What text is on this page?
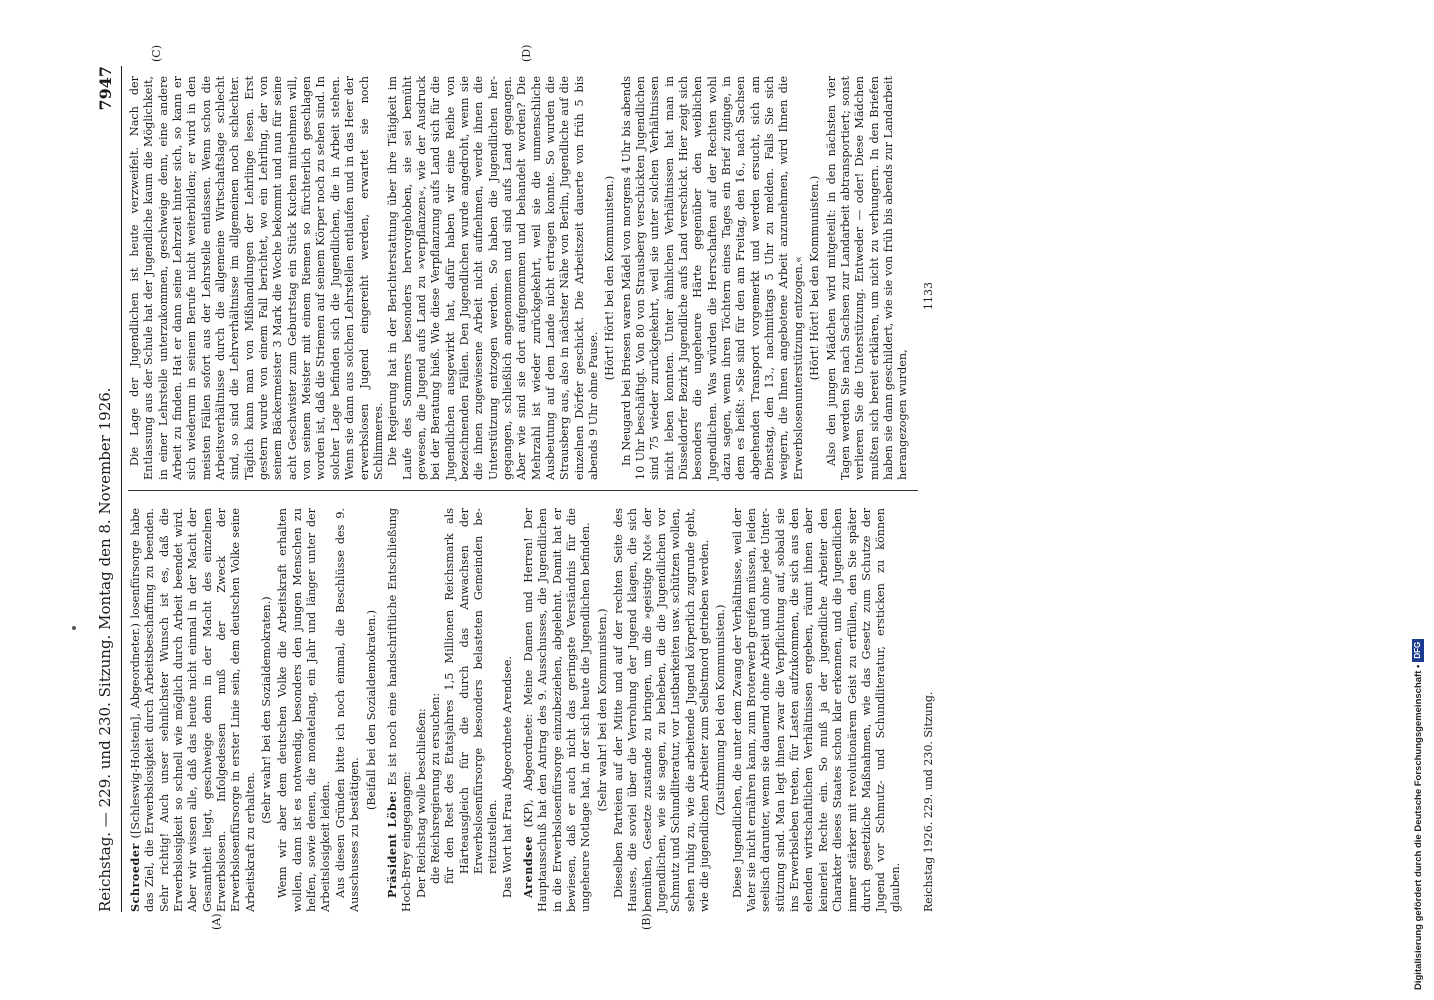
Reichstag. — 229. und 230. Sitzung. Montag den 8. November 1926.
7947
(A)	(B)
(C)	(D)

Schroeder ([Schleswig-Holstein], Abgeordneter.) losenfürsorge habe das Ziel, die Erwerbslosigkeit durch Arbeitsbeschaffung zu beenden. Sehr richtig! Auch unser sehnlichster Wunsch ist es, daß die Erwerbslosigkeit so schnell wie möglich durch Arbeit beendet wird. Aber wir wissen alle, daß das heute nicht einmal in der Macht der Gesamtheit liegt, geschweige denn in der Macht des einzelnen Erwerbslosen. Infolgedessen muß der Zweck der Erwerbslosenfürsorge in erster Linie sein, dem deutschen Volke seine Arbeitskraft zu erhalten.

(Sehr wahr! bei den Sozialdemokraten.) Wenn wir aber dem deutschen Volke die Arbeitskraft erhalten wollen, dann ist es notwendig, besonders den jungen Menschen zu helfen, sowie denen, die monatelang, ein Jahr und länger unter der Arbeitslosigkeit leiden. Aus diesen Gründen bitte ich noch einmal, die Beschlüsse des 9. Ausschusses zu bestätigen.

(Beifall bei den Sozialdemokraten.)

Präsident Löbe: Es ist noch eine handschriftliche Entschließung Hoch-Brey eingegangen: Der Reichstag wolle beschließen: die Reichsregierung zu ersuchen: für den Rest des Etatsjahres 1,5 Millionen Reichsmark als Härteausgleich für die durch das Anwachsen der Erwerbslosenfürsorge besonders belasteten Gemeinden bereitzustellen. Das Wort hat Frau Abgeordnete Arendsee. Arendsee (KP), Abgeordnete: Meine Damen und Herren! Der Hauptausschuß hat den Antrag des 9. Ausschusses, die Jugendlichen in die Erwerbslosenfürsorge einzubeziehen, abgelehnt. Damit hat er bewiesen, daß er auch nicht das geringste Verständnis für die ungeheure Notlage hat, in der sich heute die Jugendlichen befinden. (Sehr wahr! bei den Kommunisten.) Dieselben Parteien auf der Mitte und auf der rechten Seite des Hauses, die soviel über die Verrohung der Jugend klagen, die sich bemühen, Gesetze zustande zu bringen, um die »geistige Not« der Jugendlichen, wie sie sagen, zu beheben, die die Jugendlichen vor Schmutz und Schundliteratur, vor Lustbarkeiten usw. schützen wollen, sehen ruhig zu, wie die arbeitende Jugend körperlich zugrunde geht, wie die jugendlichen Arbeiter zum Selbstmord getrieben werden. (Zustimmung bei den Kommunisten.) Diese Jugendlichen, die unter dem Zwang der Verhältnisse, weil der Vater sie nicht ernähren kann, zum Broterwerb greifen müssen, leiden seelisch darunter, wenn sie dauernd ohne Arbeit und ohne jede Unterstützung sind. Man legt ihnen zwar die Verpflichtung auf, sobald sie ins Erwerbsleben treten, für Lasten aufzukommen, die sich aus den elenden wirtschaftlichen Verhältnissen ergeben, räumt ihnen aber keinerlei Rechte ein. So muß ja der jugendliche Arbeiter den Charakter dieses Staates schon klar erkennen, und die Jugendlichen immer stärker mit revolutionärem Geist zu erfüllen, den Sie später durch gesetzliche Maßnahmen, wie das Gesetz zum Schutze der Jugend vor Schmutz- und Schundliteratur, ersticken zu können glauben.

Die Lage der Jugendlichen ist heute verzweifelt. Nach der Entlassung aus der Schule hat der Jugendliche kaum die Möglichkeit, in einer Lehrstelle unterzukommen, geschweige denn, eine andere Arbeit zu finden. Hat er dann seine Lehrzeit hinter sich, so kann er sich wiederum in seinem Berufe nicht weiterbilden; er wird in den meisten Fällen sofort aus der Lehrstelle entlassen. Wenn schon die Arbeitsverhältnisse durch die allgemeine Wirtschaftslage schlecht sind, so sind die Lehrverhältnisse im allgemeinen noch schlechter. Täglich kann man von Mißhandlungen der Lehrlinge lesen. Erst gestern wurde von einem Fall berichtet, wo ein Lehrling, der von seinem Bäckermeister 3 Mark die Woche bekommt und nun für seine acht Geschwister zum Geburtstag ein Stück Kuchen mitnehmen will, von seinem Meister mit einem Riemen so fürchterlich geschlagen worden ist, daß die Striemen auf seinem Körper noch zu sehen sind. In solcher Lage befinden sich die Jugendlichen, die in Arbeit stehen. Wenn sie dann aus solchen Lehrstellen entlaufen und in das Heer der erwerbslosen Jugend eingereiht werden, erwartet sie noch Schlimmeres. Die Regierung hat in der Berichterstattung über ihre Tätigkeit im Laufe des Sommers besonders hervorgehoben, sie sei bemüht gewesen, die Jugend aufs Land zu »verpflanzen«, wie der Ausdruck bei der Beratung hieß. Wie diese Verpflanzung aufs Land sich für die Jugendlichen ausgewirkt hat, dafür haben wir eine Reihe von bezeichnenden Fällen. Den Jugendlichen wurde angedroht, wenn sie die ihnen zugewiesene Arbeit nicht aufnehmen, werde ihnen die Unterstützung entzogen werden. So haben die Jugendlichen hergegangen, schließlich angenommen und sind aufs Land gegangen. Aber wie sind sie dort aufgenommen und behandelt worden? Die Mehrzahl ist wieder zurückgekehrt, weil sie die unmenschliche Ausbeutung auf dem Lande nicht ertragen konnte. So wurden die Strausberg aus, also in nächster Nähe von Berlin, Jugendliche auf die einzelnen Dörfer geschickt. Die Arbeitszeit dauerte von früh 5 bis abends 9 Uhr ohne Pause.

(Hört! Hört! bei den Kommunisten.) In Neugard bei Briesen waren Mädel von morgens 4 Uhr bis abends 10 Uhr beschäftigt. Von 80 von Strausberg verschickten Jugendlichen sind 75 wieder zurückgekehrt, weil sie unter solchen Verhältnissen nicht leben konnten. Unter ähnlichen Verhältnissen hat man in Düsseldorfer Bezirk Jugendliche aufs Land verschickt. Hier zeigt sich besonders die ungeheure Härte gegenüber den weiblichen Jugendlichen. Was würden die Herrschaften auf der Rechten wohl dazu sagen, wenn ihren Töchtern eines Tages ein Brief zuginge, in dem es heißt: »Sie sind für den am Freitag, den 16., nach Sachsen abgehenden Transport vorgemerkt und werden ersucht, sich am Dienstag, den 13., nachmittags 5 Uhr zu melden. Falls Sie sich weigern, die Ihnen angebotene Arbeit anzunehmen, wird Ihnen die Erwerbslosenunterstützung entzogen.« (Hört! Hört! bei den Kommunisten.) Also den jungen Mädchen wird mitgeteilt: in den nächsten vier Tagen werden Sie nach Sachsen zur Landarbeit abtransportiert; sonst verlieren Sie die Unterstützung. Entweder — oder! Diese Mädchen mußten sich bereit erklären, um nicht zu verhungern. In den Briefen haben sie dann geschildert, wie sie von früh bis abends zur Landarbeit herangezogen wurden,

Reichstag 1926. 229. und 230. Sitzung.
1133
Digitalisierung gefördert durch die Deutsche Forschungsgemeinschaft •DFG
